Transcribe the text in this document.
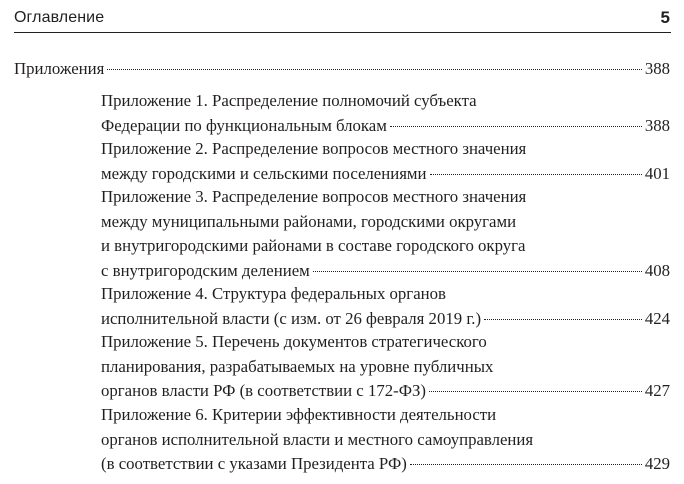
Оглавление	5
Приложения	388
Приложение 1. Распределение полномочий субъекта
Федерации по функциональным блокам	388
Приложение 2. Распределение вопросов местного значения
между городскими и сельскими поселениями	401
Приложение 3. Распределение вопросов местного значения
между муниципальными районами, городскими округами
и внутригородскими районами в составе городского округа
с внутригородским делением	408
Приложение 4. Структура федеральных органов
исполнительной власти (с изм. от 26 февраля 2019 г.)	424
Приложение 5. Перечень документов стратегического
планирования, разрабатываемых на уровне публичных
органов власти РФ (в соответствии с 172-ФЗ)	427
Приложение 6. Критерии эффективности деятельности
органов исполнительной власти и местного самоуправления
(в соответствии с указами Президента РФ)	429
